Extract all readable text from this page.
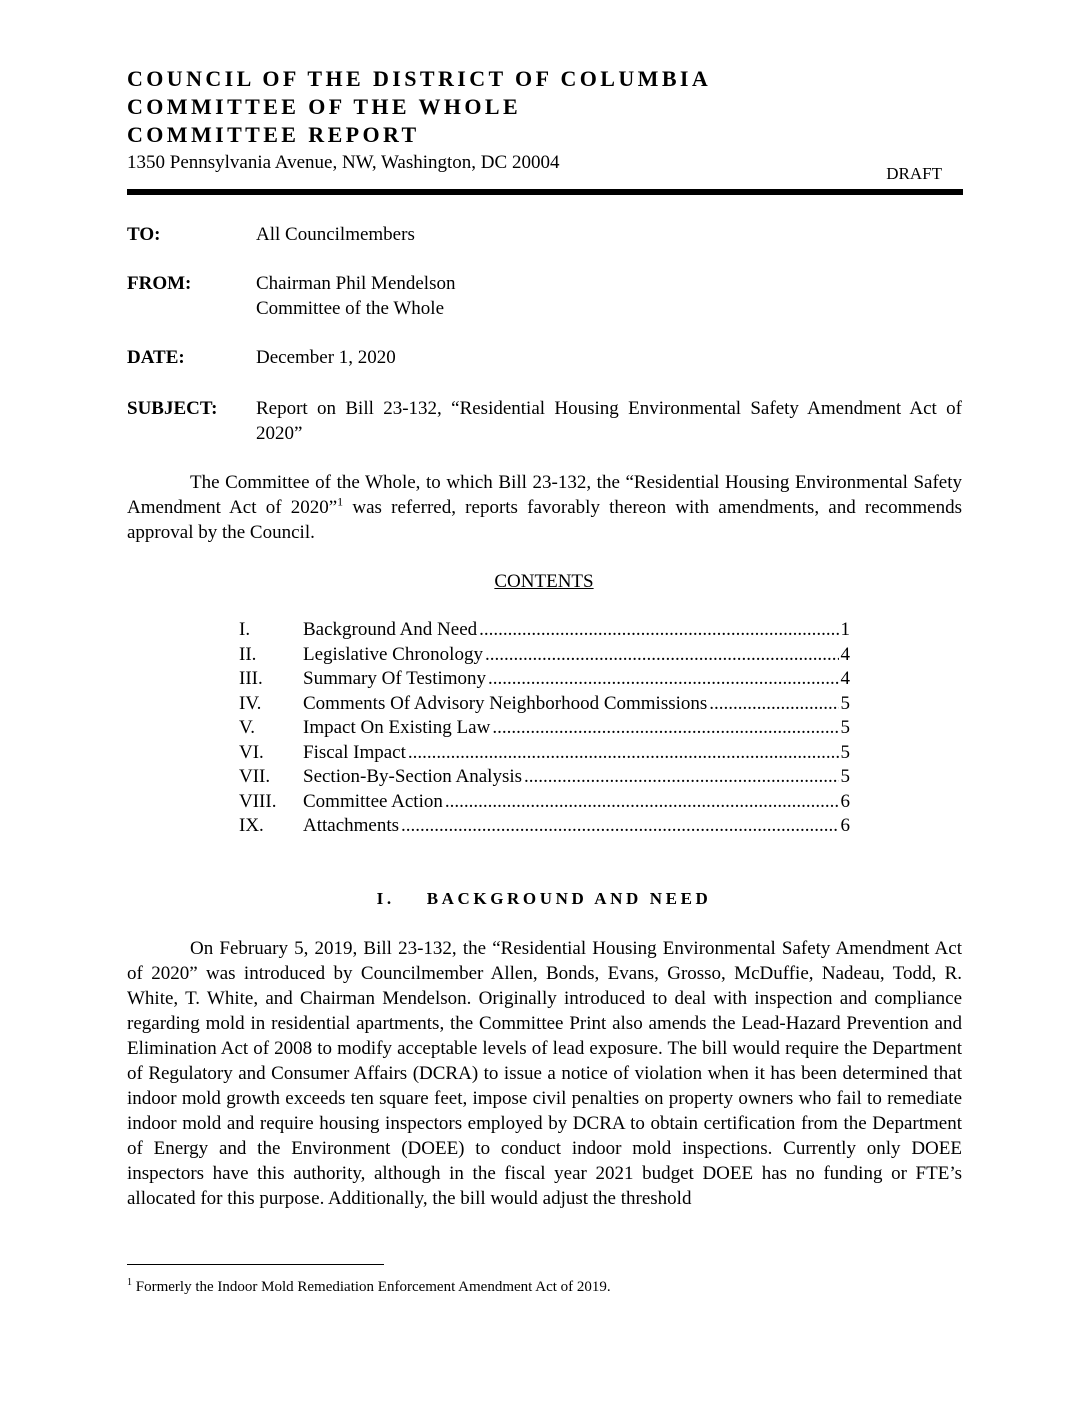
COUNCIL OF THE DISTRICT OF COLUMBIA
COMMITTEE OF THE WHOLE
COMMITTEE REPORT
1350 Pennsylvania Avenue, NW, Washington, DC 20004
DRAFT
TO:	All Councilmembers
FROM:	Chairman Phil Mendelson
Committee of the Whole
DATE:	December 1, 2020
SUBJECT: Report on Bill 23-132, “Residential Housing Environmental Safety Amendment Act of 2020”

The Committee of the Whole, to which Bill 23-132, the “Residential Housing Environmental Safety Amendment Act of 2020”$^1$ was referred, reports favorably thereon with amendments, and recommends approval by the Council.

CONTENTS
I.	Background And Need .....	1
II.	Legislative Chronology .....	4
III.	Summary Of Testimony .....	4
IV.	Comments Of Advisory Neighborhood Commissions .....	5
V.	Impact On Existing Law .....	5
VI.	Fiscal Impact .....	5
VII.	Section-By-Section Analysis .....	5
VIII.	Committee Action .....	6
IX.	Attachments .....	6
I. BACKGROUND AND NEED

On February 5, 2019, Bill 23-132, the “Residential Housing Environmental Safety Amendment Act of 2020” was introduced by Councilmember Allen, Bonds, Evans, Grosso, McDuffie, Nadeau, Todd, R. White, T. White, and Chairman Mendelson. Originally introduced to deal with inspection and compliance regarding mold in residential apartments, the Committee Print also amends the Lead-Hazard Prevention and Elimination Act of 2008 to modify acceptable levels of lead exposure. The bill would require the Department of Regulatory and Consumer Affairs (DCRA) to issue a notice of violation when it has been determined that indoor mold growth exceeds ten square feet, impose civil penalties on property owners who fail to remediate indoor mold and require housing inspectors employed by DCRA to obtain certification from the Department of Energy and the Environment (DOEE) to conduct indoor mold inspections. Currently only DOEE inspectors have this authority, although in the fiscal year 2021 budget DOEE has no funding or FTE’s allocated for this purpose. Additionally, the bill would adjust the threshold

$^1$ Formerly the Indoor Mold Remediation Enforcement Amendment Act of 2019.
